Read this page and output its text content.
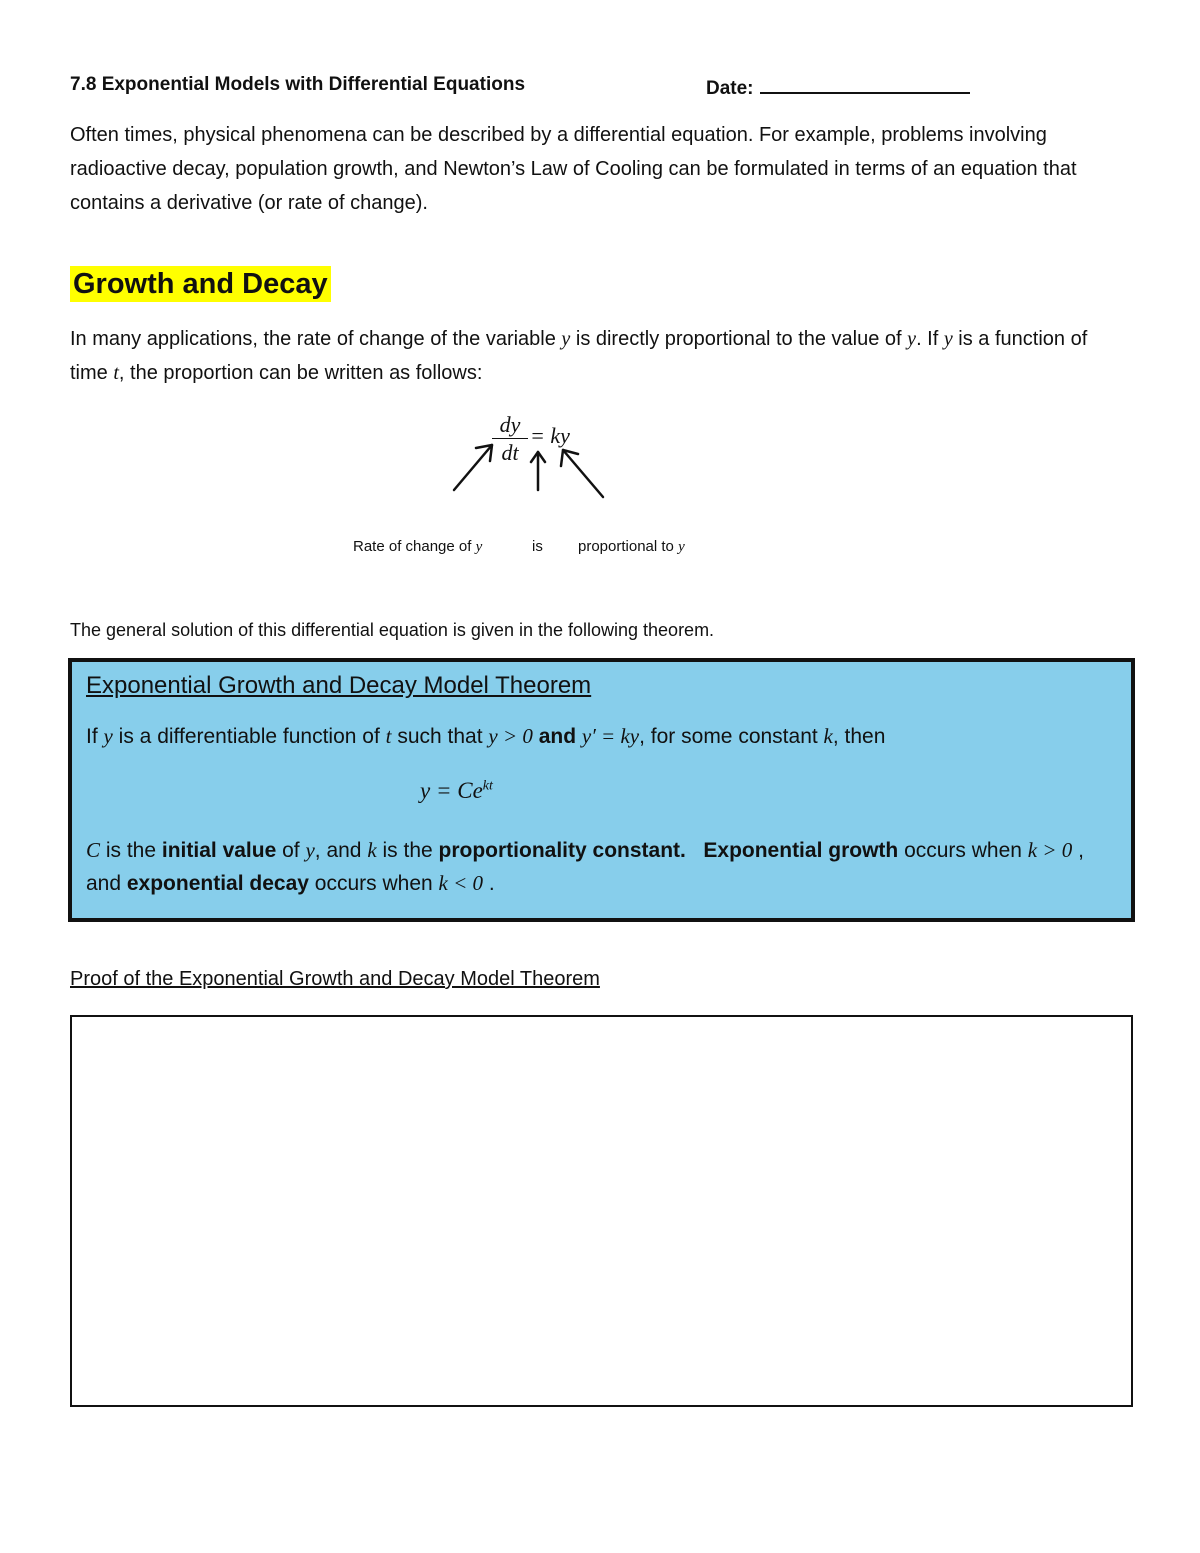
7.8 Exponential Models with Differential Equations	Date:
Often times, physical phenomena can be described by a differential equation. For example, problems involving radioactive decay, population growth, and Newton’s Law of Cooling can be formulated in terms of an equation that contains a derivative (or rate of change).
Growth and Decay
In many applications, the rate of change of the variable y is directly proportional to the value of y. If y is a function of time t, the proportion can be written as follows:
$\frac{dy}{dt}$ = ky
Rate of change of y	is proportional to y
The general solution of this differential equation is given in the following theorem.
Exponential Growth and Decay Model Theorem
If y is a differentiable function of t such that y > 0 and y′ = ky, for some constant k, then
$y = Ce^{kt}$
C is the initial value of y, and k is the proportionality constant. Exponential growth occurs when k > 0 , and exponential decay occurs when k < 0 .
Proof of the Exponential Growth and Decay Model Theorem
